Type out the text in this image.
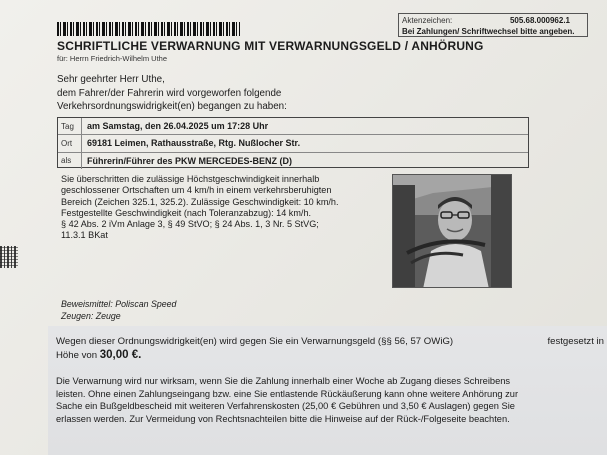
Aktenzeichen:	505.68.000962.1
Bei Zahlungen/ Schriftwechsel bitte angeben.
SCHRIFTLICHE VERWARNUNG MIT VERWARNUNGSGELD / ANHÖRUNG
für: Herrn Friedrich-Wilhelm Uthe
Sehr geehrter Herr Uthe,
dem Fahrer/der Fahrerin wird vorgeworfen folgende
Verkehrsordnungswidrigkeit(en) begangen zu haben:
Tag	am Samstag, den 26.04.2025 um 17:28 Uhr
Ort	69181 Leimen, Rathausstraße, Rtg. Nußlocher Str.
als	Führerin/Führer des PKW MERCEDES-BENZ (D)
Sie überschritten die zulässige Höchstgeschwindigkeit innerhalb
geschlossener Ortschaften um 4 km/h in einem verkehrsberuhigten
Bereich (Zeichen 325.1, 325.2). Zulässige Geschwindigkeit: 10 km/h.
Festgestellte Geschwindigkeit (nach Toleranzabzug): 14 km/h.
§ 42 Abs. 2 iVm Anlage 3, § 49 StVO; § 24 Abs. 1, 3 Nr. 5 StVG;
11.3.1 BKat
Beweismittel: Poliscan Speed
Zeugen: Zeuge
Wegen dieser Ordnungswidrigkeit(en) wird gegen Sie ein Verwarnungsgeld (§§ 56, 57 OWiG)	festgesetzt in
Höhe von 30,00 €.
Die Verwarnung wird nur wirksam, wenn Sie die Zahlung innerhalb einer Woche ab Zugang dieses Schreibens
leisten. Ohne einen Zahlungseingang bzw. eine Sie entlastende Rückäußerung kann ohne weitere Anhörung zur
Sache ein Bußgeldbescheid mit weiteren Verfahrenskosten (25,00 € Gebühren und 3,50 € Auslagen) gegen Sie
erlassen werden. Zur Vermeidung von Rechtsnachteilen bitte die Hinweise auf der Rück-/Folgeseite beachten.
